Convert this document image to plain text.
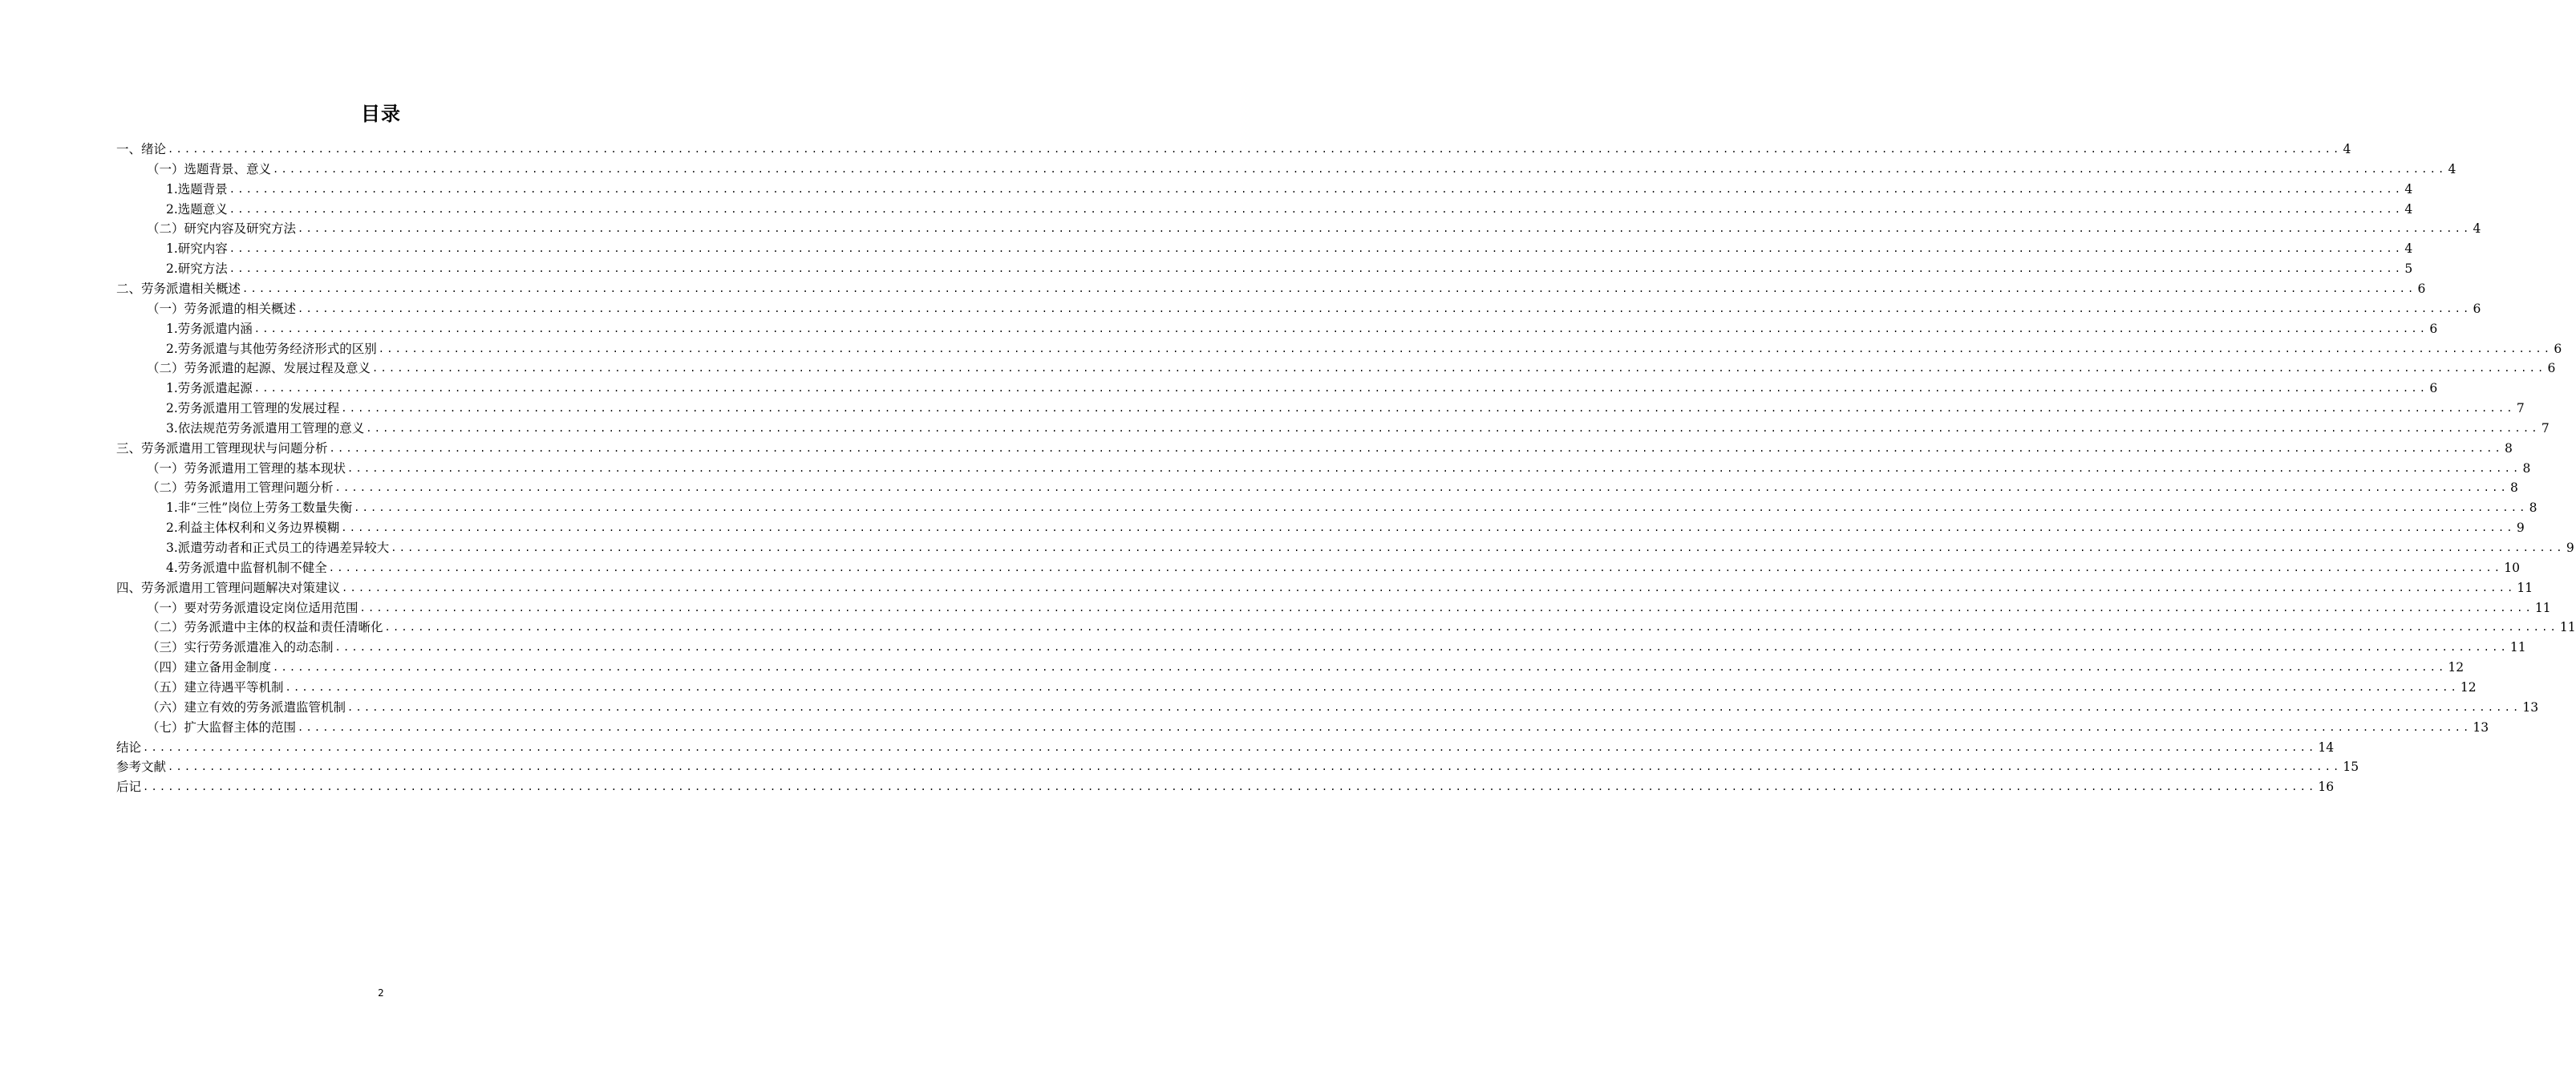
目录
一、绪论 .................................................................................................................................................................................................................................................................... 4
（一）选题背景、意义 .................................................................................................................................................................................................................................................................... 4
1.选题背景 .................................................................................................................................................................................................................................................................... 4
2.选题意义 .................................................................................................................................................................................................................................................................... 4
（二）研究内容及研究方法 .................................................................................................................................................................................................................................................................... 4
1.研究内容 .................................................................................................................................................................................................................................................................... 4
2.研究方法 .................................................................................................................................................................................................................................................................... 5
二、劳务派遣相关概述 .................................................................................................................................................................................................................................................................... 6
（一）劳务派遣的相关概述 .................................................................................................................................................................................................................................................................... 6
1.劳务派遣内涵 .................................................................................................................................................................................................................................................................... 6
2.劳务派遣与其他劳务经济形式的区别 .................................................................................................................................................................................................................................................................... 6
（二）劳务派遣的起源、发展过程及意义 .................................................................................................................................................................................................................................................................... 6
1.劳务派遣起源 .................................................................................................................................................................................................................................................................... 6
2.劳务派遣用工管理的发展过程 .................................................................................................................................................................................................................................................................... 7
3.依法规范劳务派遣用工管理的意义 .................................................................................................................................................................................................................................................................... 7
三、劳务派遣用工管理现状与问题分析 .................................................................................................................................................................................................................................................................... 8
（一）劳务派遣用工管理的基本现状 .................................................................................................................................................................................................................................................................... 8
（二）劳务派遣用工管理问题分析 .................................................................................................................................................................................................................................................................... 8
1.非“三性”岗位上劳务工数量失衡 .................................................................................................................................................................................................................................................................... 8
2.利益主体权利和义务边界模糊 .................................................................................................................................................................................................................................................................... 9
3.派遣劳动者和正式员工的待遇差异较大 .................................................................................................................................................................................................................................................................... 9
4.劳务派遣中监督机制不健全 .................................................................................................................................................................................................................................................................... 10
四、劳务派遣用工管理问题解决对策建议 .................................................................................................................................................................................................................................................................... 11
（一）要对劳务派遣设定岗位适用范围 .................................................................................................................................................................................................................................................................... 11
（二）劳务派遣中主体的权益和责任清晰化 .................................................................................................................................................................................................................................................................... 11
（三）实行劳务派遣准入的动态制 .................................................................................................................................................................................................................................................................... 11
（四）建立备用金制度 .................................................................................................................................................................................................................................................................... 12
（五）建立待遇平等机制 .................................................................................................................................................................................................................................................................... 12
（六）建立有效的劳务派遣监管机制 .................................................................................................................................................................................................................................................................... 13
（七）扩大监督主体的范围 .................................................................................................................................................................................................................................................................... 13
结论 .................................................................................................................................................................................................................................................................... 14
参考文献 .................................................................................................................................................................................................................................................................... 15
后记 .................................................................................................................................................................................................................................................................... 16
2
